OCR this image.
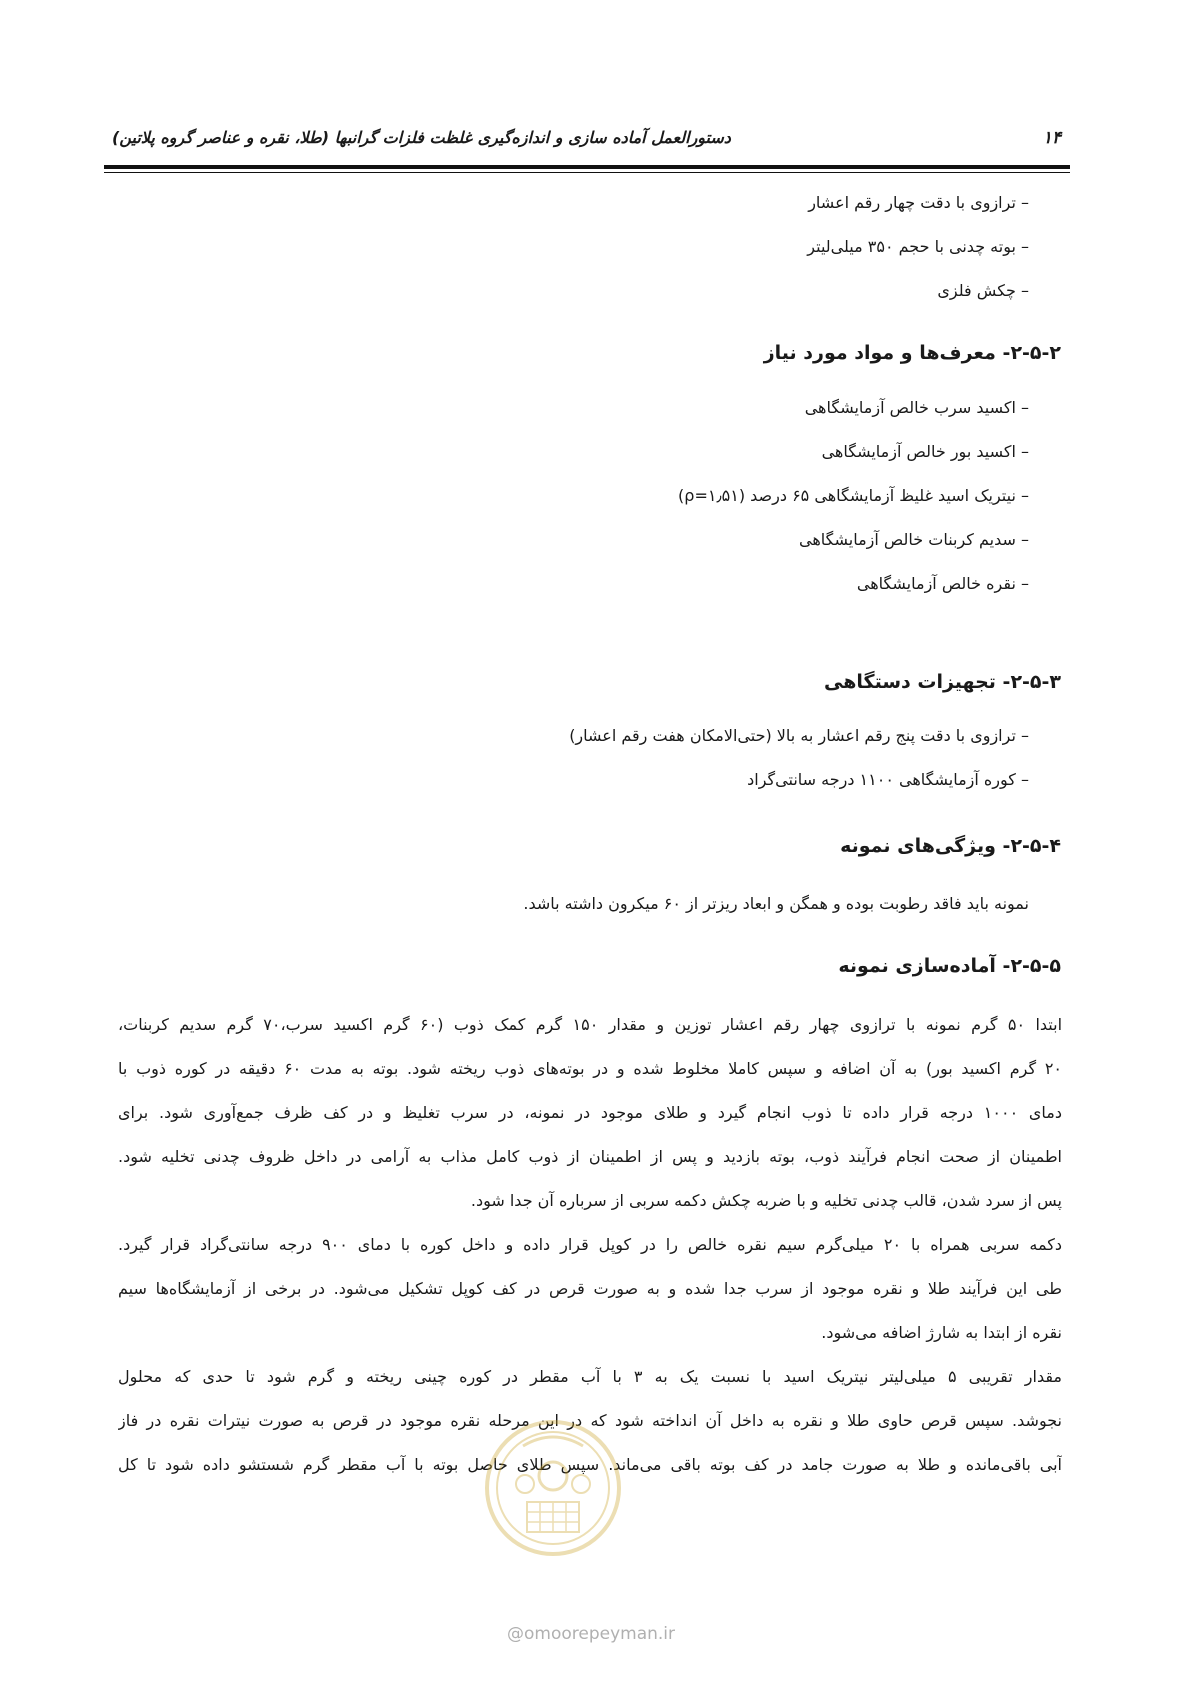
۱۴
دستورالعمل آماده سازی و اندازه‌گیری غلظت فلزات گرانبها (طلا، نقره و عناصر گروه پلاتین)
– ترازوی با دقت چهار رقم اعشار
– بوته چدنی با حجم ۳۵۰ میلی‌لیتر
– چکش فلزی
۲-۵-۲- معرف‌ها و مواد مورد نیاز
– اکسید سرب خالص آزمایشگاهی
– اکسید بور خالص آزمایشگاهی
– نیتریک اسید غلیظ آزمایشگاهی ۶۵ درصد (ρ=۱٫۵۱)
– سدیم کربنات خالص آزمایشگاهی
– نقره خالص آزمایشگاهی
۲-۵-۳- تجهیزات دستگاهی
– ترازوی با دقت پنج رقم اعشار به بالا (حتی‌الامکان هفت رقم اعشار)
– کوره آزمایشگاهی ۱۱۰۰ درجه سانتی‌گراد
۲-۵-۴- ویژگی‌های نمونه
نمونه باید فاقد رطوبت بوده و همگن و ابعاد ریزتر از ۶۰ میکرون داشته باشد.
۲-۵-۵- آماده‌سازی نمونه
ابتدا ۵۰ گرم نمونه با ترازوی چهار رقم اعشار توزین و مقدار ۱۵۰ گرم کمک ذوب (۶۰ گرم اکسید سرب،۷۰ گرم سدیم کربنات،
۲۰ گرم اکسید بور) به آن اضافه و سپس کاملا مخلوط شده و در بوته‌های ذوب ریخته شود. بوته به مدت ۶۰ دقیقه در کوره ذوب با
دمای ۱۰۰۰ درجه قرار داده تا ذوب انجام گیرد و طلای موجود در نمونه، در سرب تغلیظ و در کف ظرف جمع‌آوری شود. برای
اطمینان از صحت انجام فرآیند ذوب، بوته بازدید و پس از اطمینان از ذوب کامل مذاب به آرامی در داخل ظروف چدنی تخلیه شود.
پس از سرد شدن، قالب چدنی تخلیه و با ضربه چکش دکمه سربی از سرباره آن جدا شود.
دکمه سربی همراه با ۲۰ میلی‌گرم سیم نقره خالص را در کوپل قرار داده و داخل کوره با دمای ۹۰۰ درجه سانتی‌گراد قرار گیرد.
طی این فرآیند طلا و نقره موجود از سرب جدا شده و به صورت قرص در کف کوپل تشکیل می‌شود. در برخی از آزمایشگاه‌ها سیم
نقره از ابتدا به شارژ اضافه می‌شود.
مقدار تقریبی ۵ میلی‌لیتر نیتریک اسید با نسبت یک به ۳ با آب مقطر در کوره چینی ریخته و گرم شود تا حدی که محلول
نجوشد. سپس قرص حاوی طلا و نقره به داخل آن انداخته شود که در این مرحله نقره موجود در قرص به صورت نیترات نقره در فاز
آبی باقی‌مانده و طلا به صورت جامد در کف بوته باقی می‌ماند. سپس طلای حاصل بوته با آب مقطر گرم شستشو داده شود تا کل
@omoorepeyman.ir
